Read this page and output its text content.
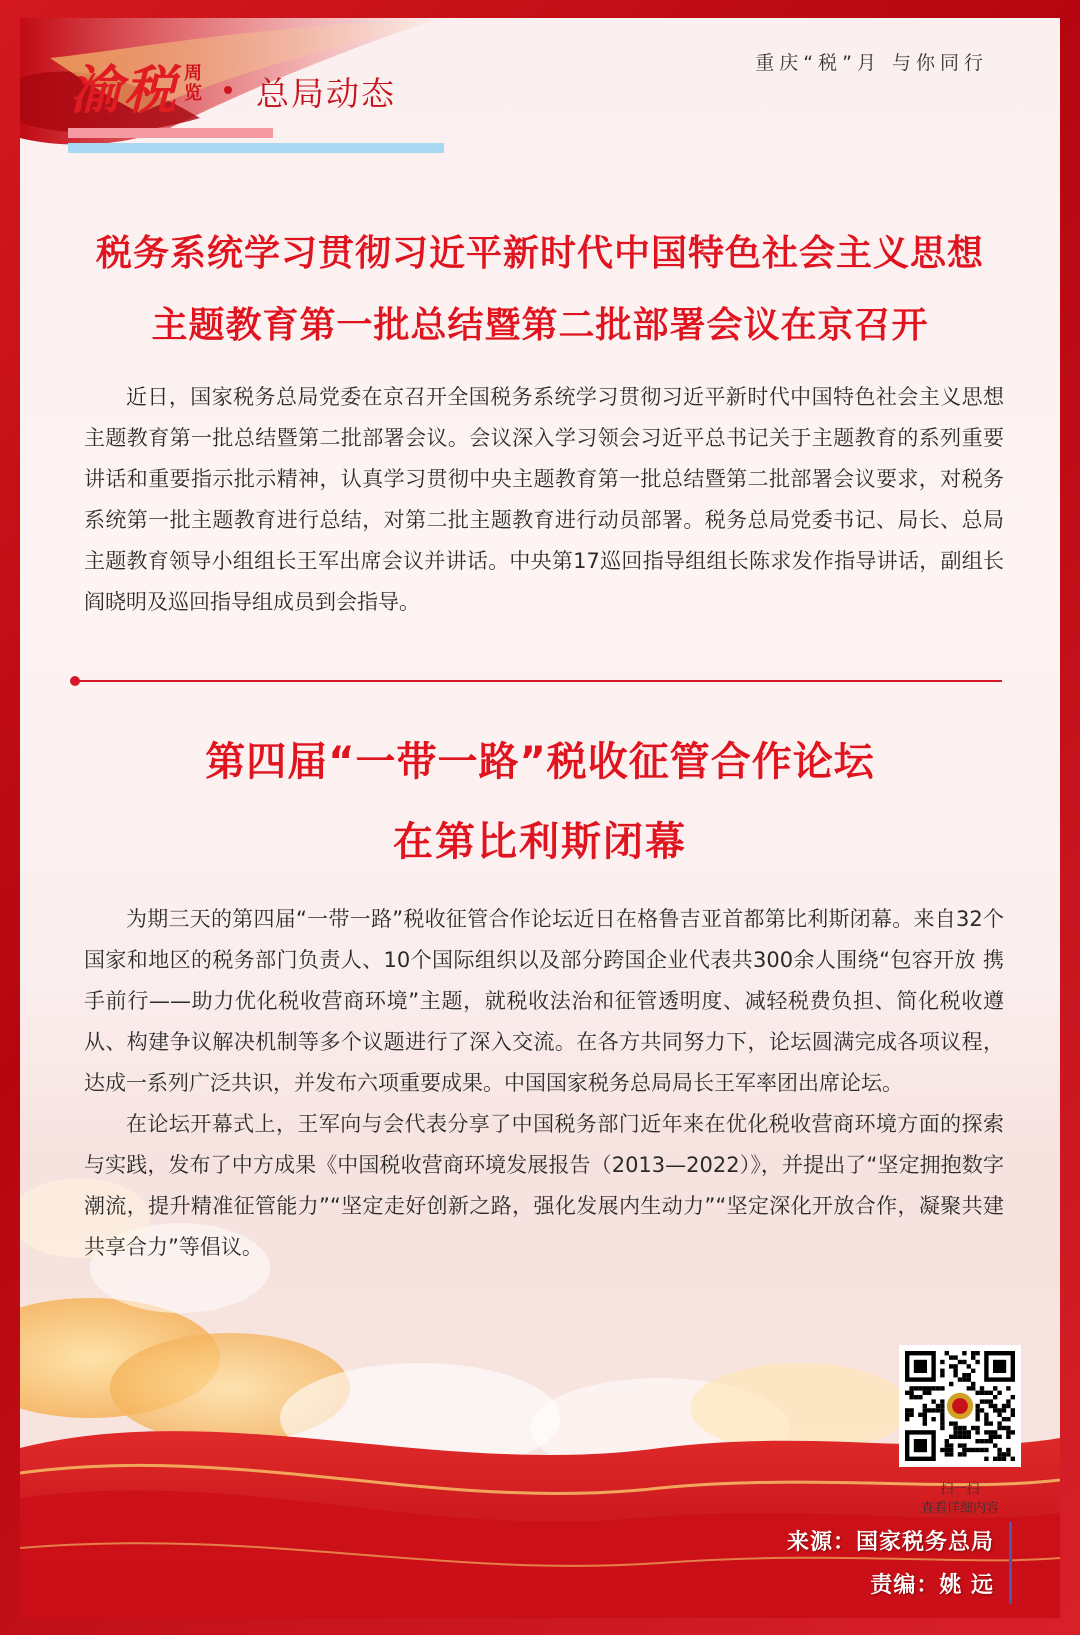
渝税 周览 总局动态
重庆“税”月 与你同行
税务系统学习贯彻习近平新时代中国特色社会主义思想
主题教育第一批总结暨第二批部署会议在京召开

近日，国家税务总局党委在京召开全国税务系统学习贯彻习近平新时代中国特色社会主义思想主题教育第一批总结暨第二批部署会议。会议深入学习领会习近平总书记关于主题教育的系列重要讲话和重要指示批示精神，认真学习贯彻中央主题教育第一批总结暨第二批部署会议要求，对税务系统第一批主题教育进行总结，对第二批主题教育进行动员部署。税务总局党委书记、局长、总局主题教育领导小组组长王军出席会议并讲话。中央第17巡回指导组组长陈求发作指导讲话，副组长阎晓明及巡回指导组成员到会指导。

第四届“一带一路”税收征管合作论坛
在第比利斯闭幕

为期三天的第四届“一带一路”税收征管合作论坛近日在格鲁吉亚首都第比利斯闭幕。来自32个国家和地区的税务部门负责人、10个国际组织以及部分跨国企业代表共300余人围绕“包容开放 携手前行——助力优化税收营商环境”主题，就税收法治和征管透明度、减轻税费负担、简化税收遵从、构建争议解决机制等多个议题进行了深入交流。在各方共同努力下，论坛圆满完成各项议程，达成一系列广泛共识，并发布六项重要成果。中国国家税务总局局长王军率团出席论坛。

在论坛开幕式上，王军向与会代表分享了中国税务部门近年来在优化税收营商环境方面的探索与实践，发布了中方成果《中国税收营商环境发展报告（2013—2022）》，并提出了“坚定拥抱数字潮流，提升精准征管能力”“坚定走好创新之路，强化发展内生动力”“坚定深化开放合作，凝聚共建共享合力”等倡议。

扫一扫
查看详细内容
来源：国家税务总局
责编：姚 远
